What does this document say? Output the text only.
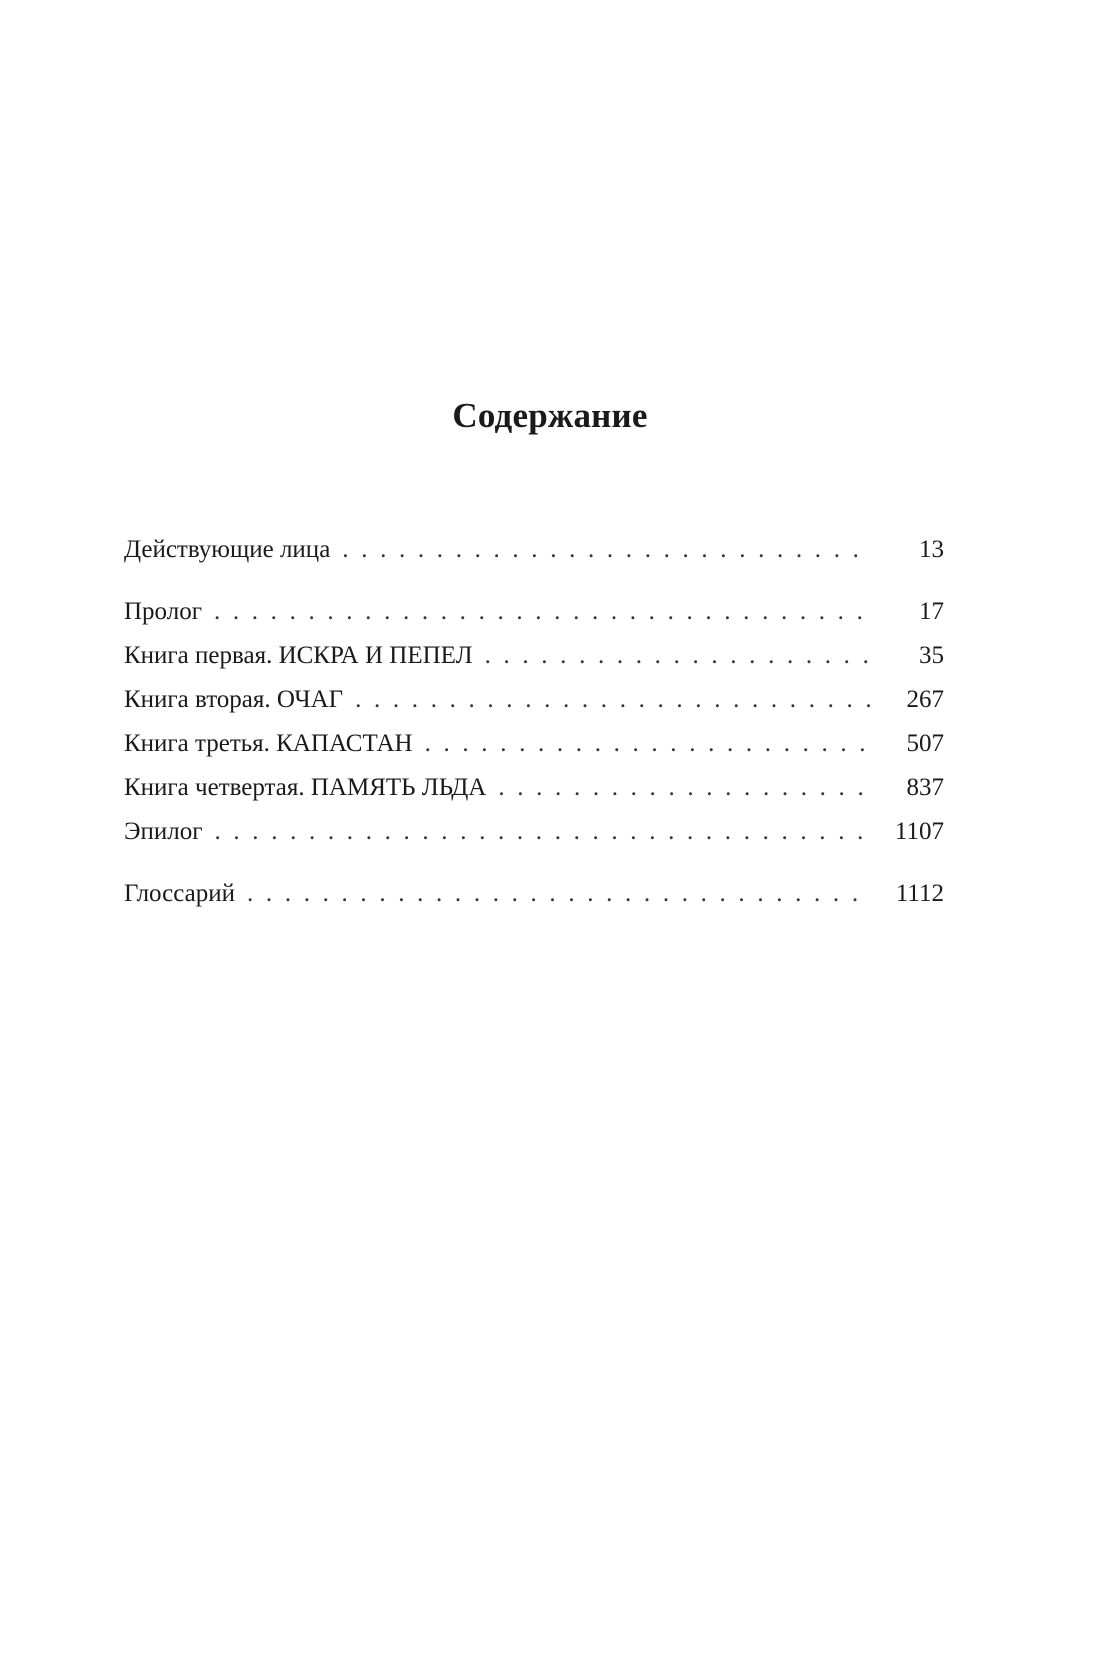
Содержание
Действующие лица . . .	13
Пролог . . .	17
Книга первая. ИСКРА И ПЕПЕЛ . . .	35
Книга вторая. ОЧАГ . . .	267
Книга третья. КАПАСТАН . . .	507
Книга четвертая. ПАМЯТЬ ЛЬДА . . .	837
Эпилог . . .	1107
Глоссарий . . .	1112
